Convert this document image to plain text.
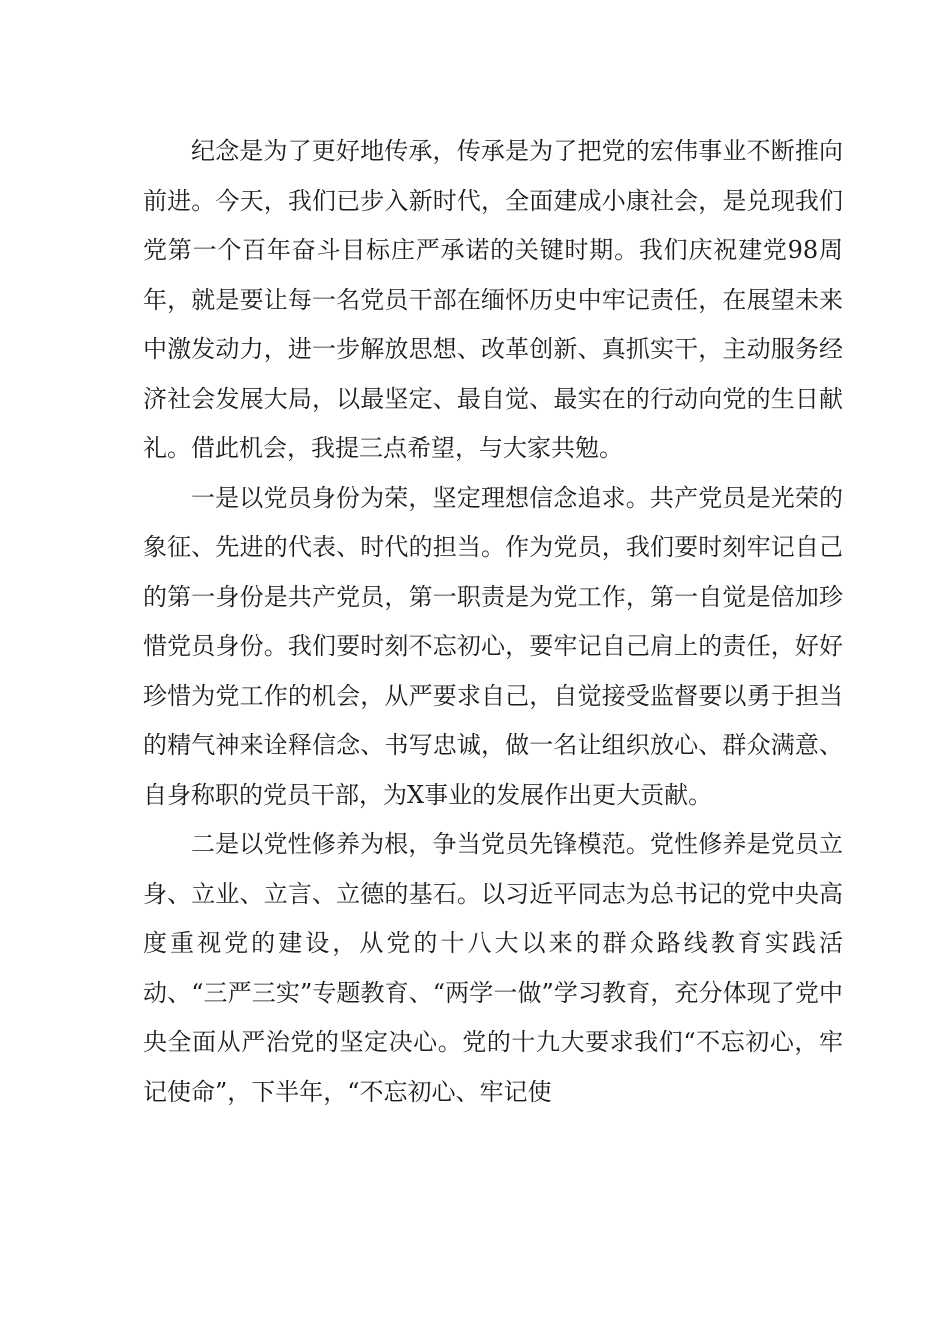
纪念是为了更好地传承，传承是为了把党的宏伟事业不断推向前进。今天，我们已步入新时代，全面建成小康社会，是兑现我们党第一个百年奋斗目标庄严承诺的关键时期。我们庆祝建党98周年，就是要让每一名党员干部在缅怀历史中牢记责任，在展望未来中激发动力，进一步解放思想、改革创新、真抓实干，主动服务经济社会发展大局，以最坚定、最自觉、最实在的行动向党的生日献礼。借此机会，我提三点希望，与大家共勉。

一是以党员身份为荣，坚定理想信念追求。共产党员是光荣的象征、先进的代表、时代的担当。作为党员，我们要时刻牢记自己的第一身份是共产党员，第一职责是为党工作，第一自觉是倍加珍惜党员身份。我们要时刻不忘初心，要牢记自己肩上的责任，好好珍惜为党工作的机会，从严要求自己，自觉接受监督要以勇于担当的精气神来诠释信念、书写忠诚，做一名让组织放心、群众满意、自身称职的党员干部，为X事业的发展作出更大贡献。

二是以党性修养为根，争当党员先锋模范。党性修养是党员立身、立业、立言、立德的基石。以习近平同志为总书记的党中央高度重视党的建设，从党的十八大以来的群众路线教育实践活动、“三严三实”专题教育、“两学一做”学习教育，充分体现了党中央全面从严治党的坚定决心。党的十九大要求我们“不忘初心，牢记使命”，下半年，“不忘初心、牢记使
